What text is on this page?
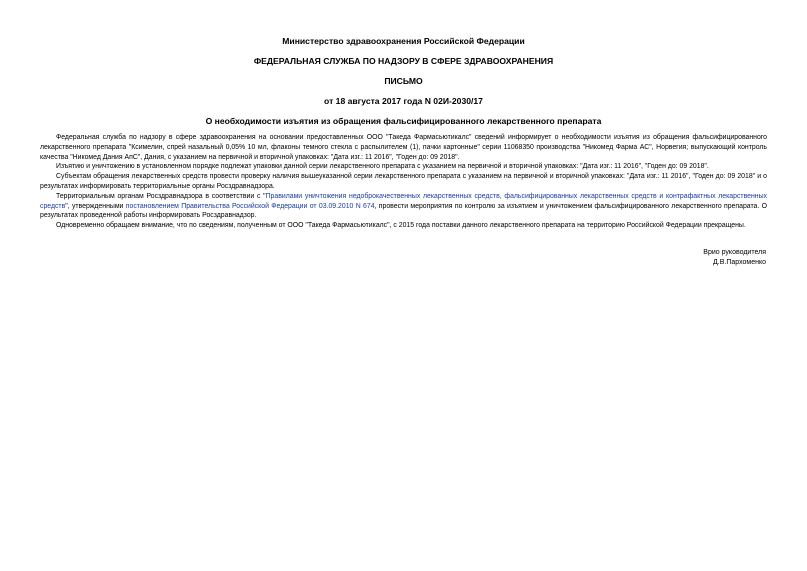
Министерство здравоохранения Российской Федерации
ФЕДЕРАЛЬНАЯ СЛУЖБА ПО НАДЗОРУ В СФЕРЕ ЗДРАВООХРАНЕНИЯ
ПИСЬМО
от 18 августа 2017 года N 02И-2030/17
О необходимости изъятия из обращения фальсифицированного лекарственного препарата

Федеральная служба по надзору в сфере здравоохранения на основании предоставленных ООО "Такеда Фармасьютикалс" сведений информирует о необходимости изъятия из обращения фальсифицированного лекарственного препарата "Ксимелин, спрей назальный 0,05% 10 мл, флаконы темного стекла с распылителем (1), пачки картонные" серии 11068350 производства "Никомед Фарма АС", Норвегия; выпускающий контроль качества "Никомед Дания АпС", Дания, с указанием на первичной и вторичной упаковках: "Дата изг.: 11 2016", "Годен до: 09 2018".

Изъятию и уничтожению в установленном порядке подлежат упаковки данной серии лекарственного препарата с указанием на первичной и вторичной упаковках: "Дата изг.: 11 2016", "Годен до: 09 2018".

Субъектам обращения лекарственных средств провести проверку наличия вышеуказанной серии лекарственного препарата с указанием на первичной и вторичной упаковках: "Дата изг.: 11 2016", "Годен до: 09 2018" и о результатах информировать территориальные органы Росздравнадзора.

Территориальным органам Росздравнадзора в соответствии с "Правилами уничтожения недоброкачественных лекарственных средств, фальсифицированных лекарственных средств и контрафактных лекарственных средств", утвержденными постановлением Правительства Российской Федерации от 03.09.2010 N 674, провести мероприятия по контролю за изъятием и уничтожением фальсифицированного лекарственного препарата. О результатах проведенной работы информировать Росздравнадзор.

Одновременно обращаем внимание, что по сведениям, полученным от ООО "Такеда Фармасьютикалс", с 2015 года поставки данного лекарственного препарата на территорию Российской Федерации прекращены.

Врио руководителя
Д.В.Пархоменко
